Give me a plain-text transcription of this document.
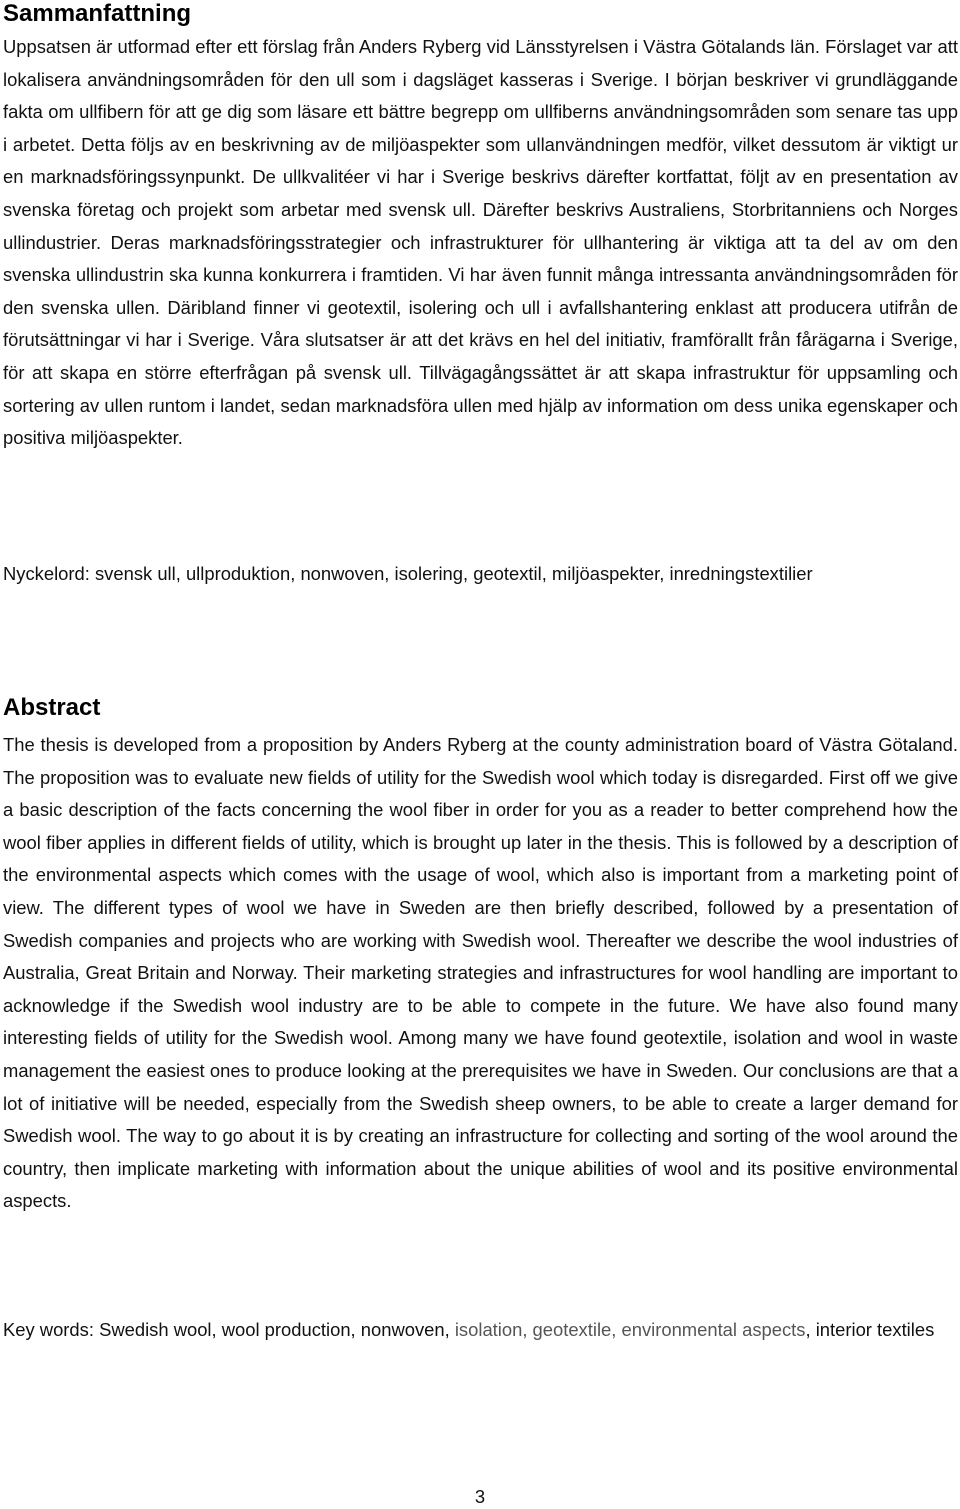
Sammanfattning

Uppsatsen är utformad efter ett förslag från Anders Ryberg vid Länsstyrelsen i Västra Götalands län. Förslaget var att lokalisera användningsområden för den ull som i dagsläget kasseras i Sverige. I början beskriver vi grundläggande fakta om ullfibern för att ge dig som läsare ett bättre begrepp om ullfiberns användningsområden som senare tas upp i arbetet. Detta följs av en beskrivning av de miljöaspekter som ullanvändningen medför, vilket dessutom är viktigt ur en marknadsföringssynpunkt. De ullkvalitéer vi har i Sverige beskrivs därefter kortfattat, följt av en presentation av svenska företag och projekt som arbetar med svensk ull. Därefter beskrivs Australiens, Storbritanniens och Norges ullindustrier. Deras marknadsföringsstrategier och infrastrukturer för ullhantering är viktiga att ta del av om den svenska ullindustrin ska kunna konkurrera i framtiden. Vi har även funnit många intressanta användningsområden för den svenska ullen. Däribland finner vi geotextil, isolering och ull i avfallshantering enklast att producera utifrån de förutsättningar vi har i Sverige. Våra slutsatser är att det krävs en hel del initiativ, framförallt från fårägarna i Sverige, för att skapa en större efterfrågan på svensk ull. Tillvägagångssättet är att skapa infrastruktur för uppsamling och sortering av ullen runtom i landet, sedan marknadsföra ullen med hjälp av information om dess unika egenskaper och positiva miljöaspekter.

Nyckelord: svensk ull, ullproduktion, nonwoven, isolering, geotextil, miljöaspekter, inredningstextilier

Abstract

The thesis is developed from a proposition by Anders Ryberg at the county administration board of Västra Götaland. The proposition was to evaluate new fields of utility for the Swedish wool which today is disregarded. First off we give a basic description of the facts concerning the wool fiber in order for you as a reader to better comprehend how the wool fiber applies in different fields of utility, which is brought up later in the thesis. This is followed by a description of the environmental aspects which comes with the usage of wool, which also is important from a marketing point of view. The different types of wool we have in Sweden are then briefly described, followed by a presentation of Swedish companies and projects who are working with Swedish wool. Thereafter we describe the wool industries of Australia, Great Britain and Norway. Their marketing strategies and infrastructures for wool handling are important to acknowledge if the Swedish wool industry are to be able to compete in the future. We have also found many interesting fields of utility for the Swedish wool. Among many we have found geotextile, isolation and wool in waste management the easiest ones to produce looking at the prerequisites we have in Sweden. Our conclusions are that a lot of initiative will be needed, especially from the Swedish sheep owners, to be able to create a larger demand for Swedish wool. The way to go about it is by creating an infrastructure for collecting and sorting of the wool around the country, then implicate marketing with information about the unique abilities of wool and its positive environmental aspects.

Key words: Swedish wool, wool production, nonwoven, isolation, geotextile, environmental aspects, interior textiles

3
